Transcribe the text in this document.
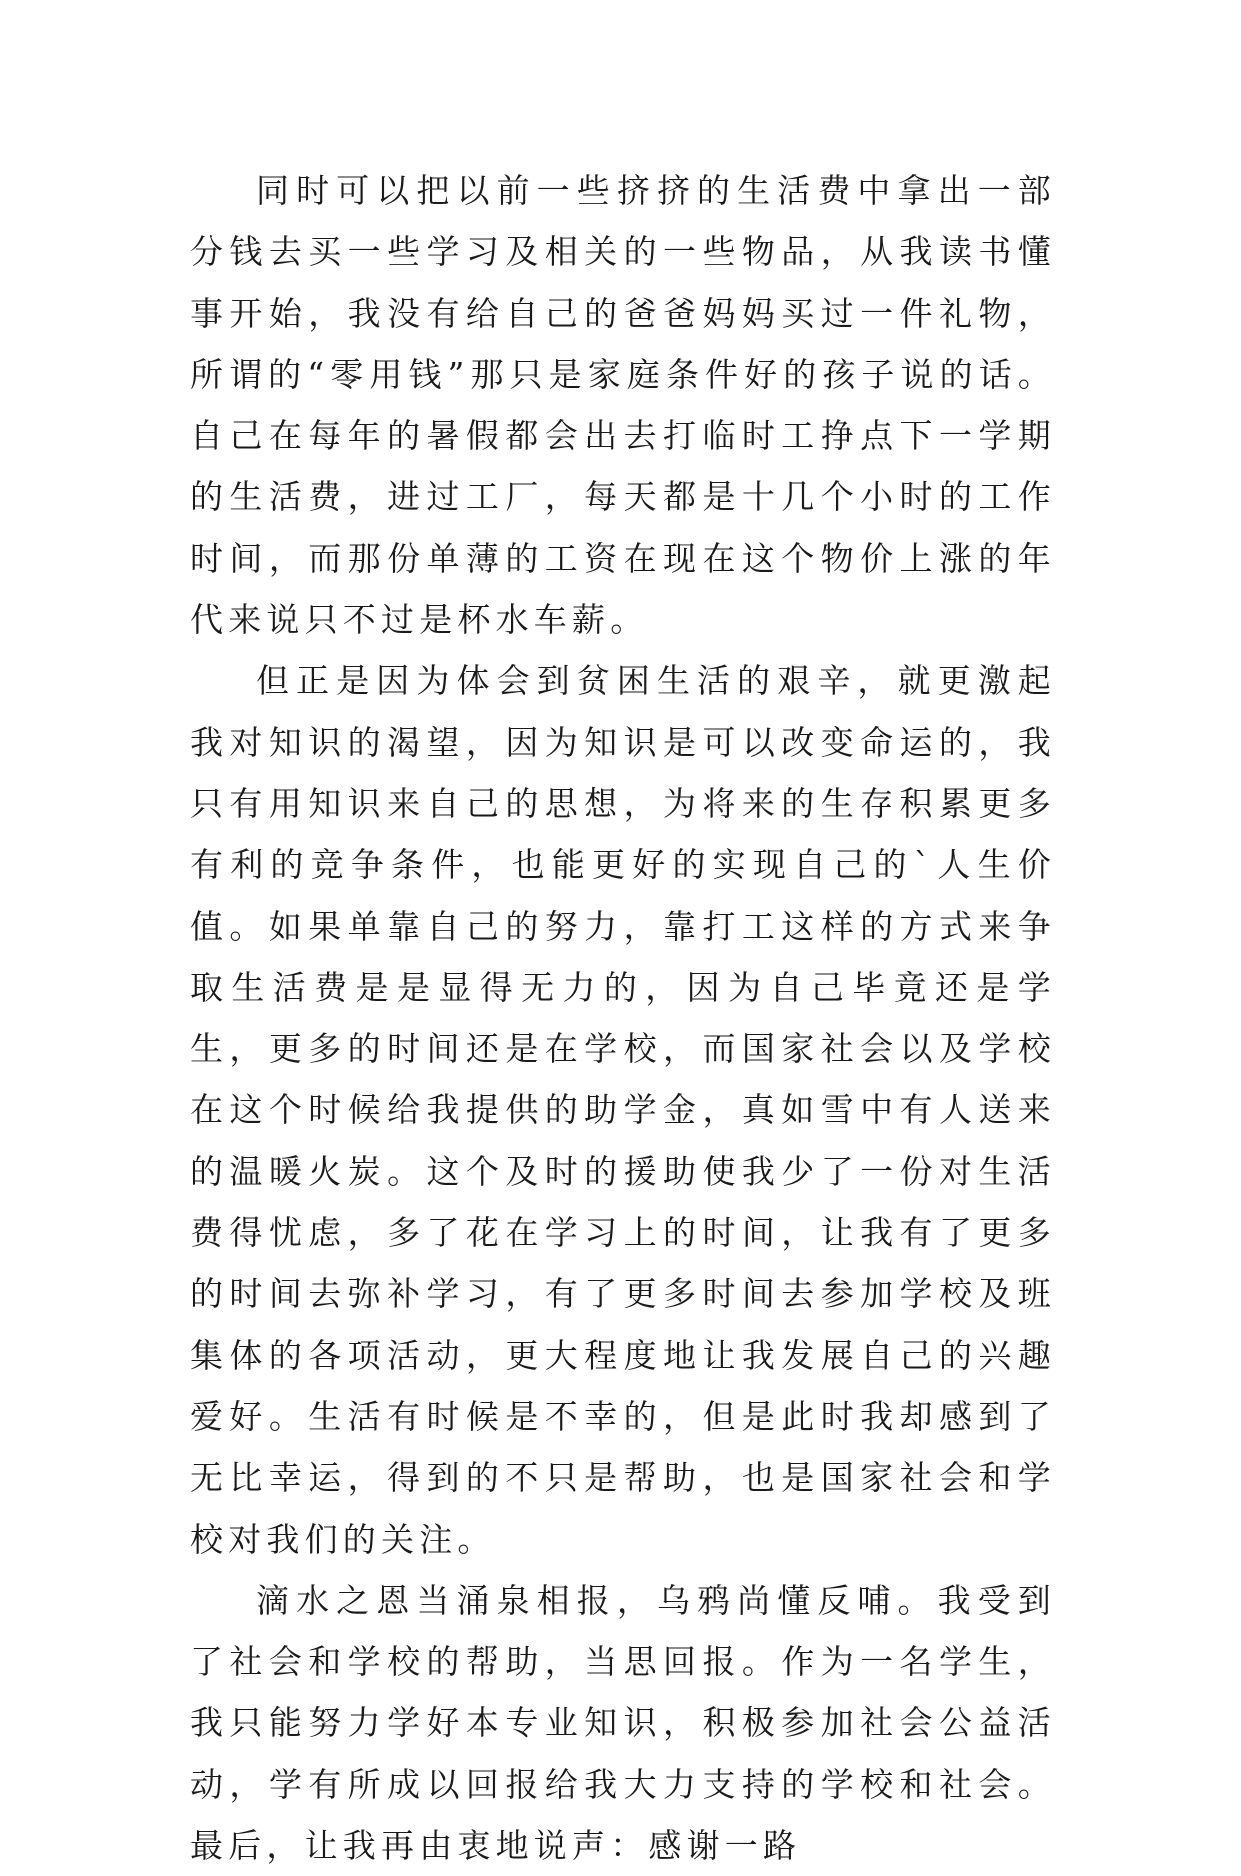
同时可以把以前一些挤挤的生活费中拿出一部分钱去买一些学习及相关的一些物品，从我读书懂事开始，我没有给自己的爸爸妈妈买过一件礼物，所谓的“零用钱”那只是家庭条件好的孩子说的话。自己在每年的暑假都会出去打临时工挣点下一学期的生活费，进过工厂，每天都是十几个小时的工作时间，而那份单薄的工资在现在这个物价上涨的年代来说只不过是杯水车薪。

但正是因为体会到贫困生活的艰辛，就更激起我对知识的渴望，因为知识是可以改变命运的，我只有用知识来自己的思想，为将来的生存积累更多有利的竞争条件，也能更好的实现自己的`人生价值。如果单靠自己的努力，靠打工这样的方式来争取生活费是是显得无力的，因为自己毕竟还是学生，更多的时间还是在学校，而国家社会以及学校在这个时候给我提供的助学金，真如雪中有人送来的温暖火炭。这个及时的援助使我少了一份对生活费得忧虑，多了花在学习上的时间，让我有了更多的时间去弥补学习，有了更多时间去参加学校及班集体的各项活动，更大程度地让我发展自己的兴趣爱好。生活有时候是不幸的，但是此时我却感到了无比幸运，得到的不只是帮助，也是国家社会和学校对我们的关注。

滴水之恩当涌泉相报，乌鸦尚懂反哺。我受到了社会和学校的帮助，当思回报。作为一名学生，我只能努力学好本专业知识，积极参加社会公益活动，学有所成以回报给我大力支持的学校和社会。最后，让我再由衷地说声：感谢一路
